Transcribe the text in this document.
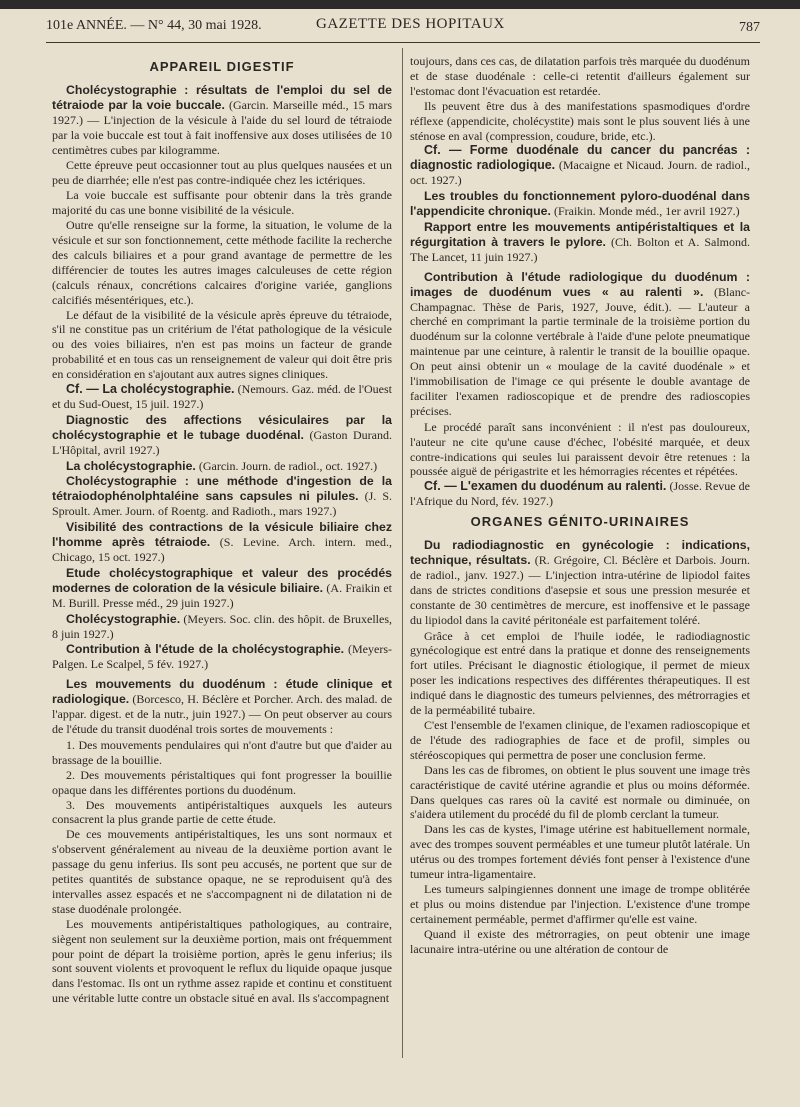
101e ANNÉE. — N° 44, 30 mai 1928.	GAZETTE DES HOPITAUX	787
APPAREIL DIGESTIF

Cholécystographie : résultats de l'emploi du sel de tétraiode par la voie buccale. (Garcin. Marseille méd., 15 mars 1927.) — L'injection de la vésicule à l'aide du sel lourd de tétraiode par la voie buccale est tout à fait inoffensive aux doses utilisées de 10 centimètres cubes par kilogramme.

Cette épreuve peut occasionner tout au plus quelques nausées et un peu de diarrhée; elle n'est pas contre-indiquée chez les ictériques.

La voie buccale est suffisante pour obtenir dans la très grande majorité du cas une bonne visibilité de la vésicule.

Outre qu'elle renseigne sur la forme, la situation, le volume de la vésicule et sur son fonctionnement, cette méthode facilite la recherche des calculs biliaires et a pour grand avantage de permettre de les différencier de toutes les autres images calculeuses de cette région (calculs rénaux, concrétions calcaires d'origine variée, ganglions calcifiés mésentériques, etc.).

Le défaut de la visibilité de la vésicule après épreuve du tétraiode, s'il ne constitue pas un critérium de l'état pathologique de la vésicule ou des voies biliaires, n'en est pas moins un facteur de grande probabilité et en tous cas un renseignement de valeur qui doit être pris en considération en s'ajoutant aux autres signes cliniques.

Cf. — La cholécystographie. (Nemours. Gaz. méd. de l'Ouest et du Sud-Ouest, 15 juil. 1927.)

Diagnostic des affections vésiculaires par la cholécystographie et le tubage duodénal. (Gaston Durand. L'Hôpital, avril 1927.)

La cholécystographie. (Garcin. Journ. de radiol., oct. 1927.)

Cholécystographie : une méthode d'ingestion de la tétraiodophénolphtaléine sans capsules ni pilules. (J. S. Sproult. Amer. Journ. of Roentg. and Radioth., mars 1927.)

Visibilité des contractions de la vésicule biliaire chez l'homme après tétraiode. (S. Levine. Arch. intern. med., Chicago, 15 oct. 1927.)

Etude cholécystographique et valeur des procédés modernes de coloration de la vésicule biliaire. (A. Fraikin et M. Burill. Presse méd., 29 juin 1927.)

Cholécystographie. (Meyers. Soc. clin. des hôpit. de Bruxelles, 8 juin 1927.)

Contribution à l'étude de la cholécystographie. (Meyers-Palgen. Le Scalpel, 5 fév. 1927.)

Les mouvements du duodénum : étude clinique et radiologique. (Borcesco, H. Béclère et Porcher. Arch. des malad. de l'appar. digest. et de la nutr., juin 1927.) — On peut observer au cours de l'étude du transit duodénal trois sortes de mouvements :

1. Des mouvements pendulaires qui n'ont d'autre but que d'aider au brassage de la bouillie.

2. Des mouvements péristaltiques qui font progresser la bouillie opaque dans les différentes portions du duodénum.

3. Des mouvements antipéristaltiques auxquels les auteurs consacrent la plus grande partie de cette étude.

De ces mouvements antipéristaltiques, les uns sont normaux et s'observent généralement au niveau de la deuxième portion avant le passage du genu inferius. Ils sont peu accusés, ne portent que sur de petites quantités de substance opaque, ne se reproduisent qu'à des intervalles assez espacés et ne s'accompagnent ni de dilatation ni de stase duodénale prolongée.

Les mouvements antipéristaltiques pathologiques, au contraire, siègent non seulement sur la deuxième portion, mais ont fréquemment pour point de départ la troisième portion, après le genu inferius; ils sont souvent violents et provoquent le reflux du liquide opaque jusque dans l'estomac. Ils ont un rythme assez rapide et continu et constituent une véritable lutte contre un obstacle situé en aval. Ils s'accompagnent

toujours, dans ces cas, de dilatation parfois très marquée du duodénum et de stase duodénale : celle-ci retentit d'ailleurs également sur l'estomac dont l'évacuation est retardée.

Ils peuvent être dus à des manifestations spasmodiques d'ordre réflexe (appendicite, cholécystite) mais sont le plus souvent liés à une sténose en aval (compression, coudure, bride, etc.).

Cf. — Forme duodénale du cancer du pancréas : diagnostic radiologique. (Macaigne et Nicaud. Journ. de radiol., oct. 1927.)

Les troubles du fonctionnement pyloro-duodénal dans l'appendicite chronique. (Fraikin. Monde méd., 1er avril 1927.)

Rapport entre les mouvements antipéristaltiques et la régurgitation à travers le pylore. (Ch. Bolton et A. Salmond. The Lancet, 11 juin 1927.)

Contribution à l'étude radiologique du duodénum : images de duodénum vues « au ralenti ». (Blanc-Champagnac. Thèse de Paris, 1927, Jouve, édit.). — L'auteur a cherché en comprimant la partie terminale de la troisième portion du duodénum sur la colonne vertébrale à l'aide d'une pelote pneumatique maintenue par une ceinture, à ralentir le transit de la bouillie opaque. On peut ainsi obtenir un « moulage de la cavité duodénale » et l'immobilisation de l'image ce qui présente le double avantage de faciliter l'examen radioscopique et de prendre des radioscopies précises.

Le procédé paraît sans inconvénient : il n'est pas douloureux, l'auteur ne cite qu'une cause d'échec, l'obésité marquée, et deux contre-indications qui seules lui paraissent devoir être retenues : la poussée aiguë de périgastrite et les hémorragies récentes et répétées.

Cf. — L'examen du duodénum au ralenti. (Josse. Revue de l'Afrique du Nord, fév. 1927.)

ORGANES GÉNITO-URINAIRES

Du radiodiagnostic en gynécologie : indications, technique, résultats. (R. Grégoire, Cl. Béclère et Darbois. Journ. de radiol., janv. 1927.) — L'injection intra-utérine de lipiodol faites dans de strictes conditions d'asepsie et sous une pression mesurée et constante de 30 centimètres de mercure, est inoffensive et le passage du lipiodol dans la cavité péritonéale est parfaitement toléré.

Grâce à cet emploi de l'huile iodée, le radiodiagnostic gynécologique est entré dans la pratique et donne des renseignements fort utiles. Précisant le diagnostic étiologique, il permet de mieux poser les indications respectives des différentes thérapeutiques. Il est indiqué dans le diagnostic des tumeurs pelviennes, des métrorragies et de la perméabilité tubaire.

C'est l'ensemble de l'examen clinique, de l'examen radioscopique et de l'étude des radiographies de face et de profil, simples ou stéréoscopiques qui permettra de poser une conclusion ferme.

Dans les cas de fibromes, on obtient le plus souvent une image très caractéristique de cavité utérine agrandie et plus ou moins déformée. Dans quelques cas rares où la cavité est normale ou diminuée, on s'aidera utilement du procédé du fil de plomb cerclant la tumeur.

Dans les cas de kystes, l'image utérine est habituellement normale, avec des trompes souvent perméables et une tumeur plutôt latérale. Un utérus ou des trompes fortement déviés font penser à l'existence d'une tumeur intra-ligamentaire.

Les tumeurs salpingiennes donnent une image de trompe oblitérée et plus ou moins distendue par l'injection. L'existence d'une trompe certainement perméable, permet d'affirmer qu'elle est vaine.

Quand il existe des métrorragies, on peut obtenir une image lacunaire intra-utérine ou une altération de contour de
